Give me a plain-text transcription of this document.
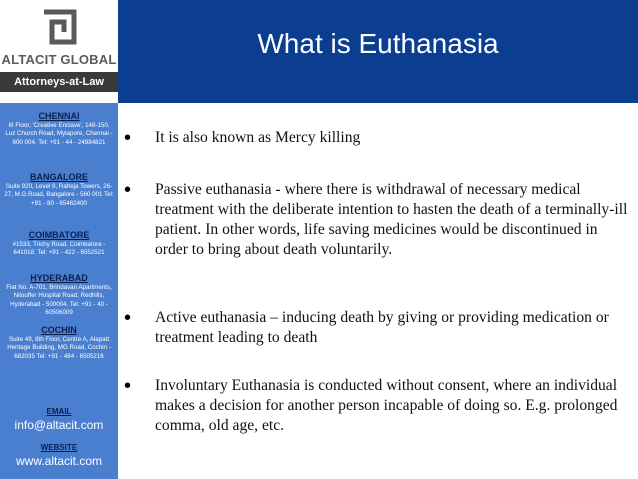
ALTACIT GLOBAL
Attorneys-at-Law
What is Euthanasia
CHENNAI
III Floor, 'Creative Enclave', 148-150, Luz Church Road, Mylapore, Chennai - 600 004. Tel: +91 - 44 - 24984821
BANGALORE
Suite 920, Level 9, Raheja Towers, 26-27, M.G.Road, Bangalore - 560 001 Tel: +91 - 80 - 65462400
COIMBATORE
#1533, Trichy Road, Coimbatore - 641018. Tel: +91 - 422 - 6552521
HYDERABAD
Flat No. A-701, Brindavan Apartments, Nilouffer Hospital Road, Redhills, Hyderabad - 500004. Tel: +91 - 40 - 60506009
COCHIN
Suite 49, 8th Floor, Centre A, Alapatt Heritage Building, MG Road, Cochin - 682035 Tel: +91 - 484 - 6505216
EMAIL
info@altacit.com
WEBSITE
www.altacit.com
• It is also known as Mercy killing
• Passive euthanasia - where there is withdrawal of necessary medical treatment with the deliberate intention to hasten the death of a terminally-ill patient. In other words, life saving medicines would be discontinued in order to bring about death voluntarily.
• Active euthanasia – inducing death by giving or providing medication or treatment leading to death
• Involuntary Euthanasia is conducted without consent, where an individual makes a decision for another person incapable of doing so. E.g. prolonged comma, old age, etc.
